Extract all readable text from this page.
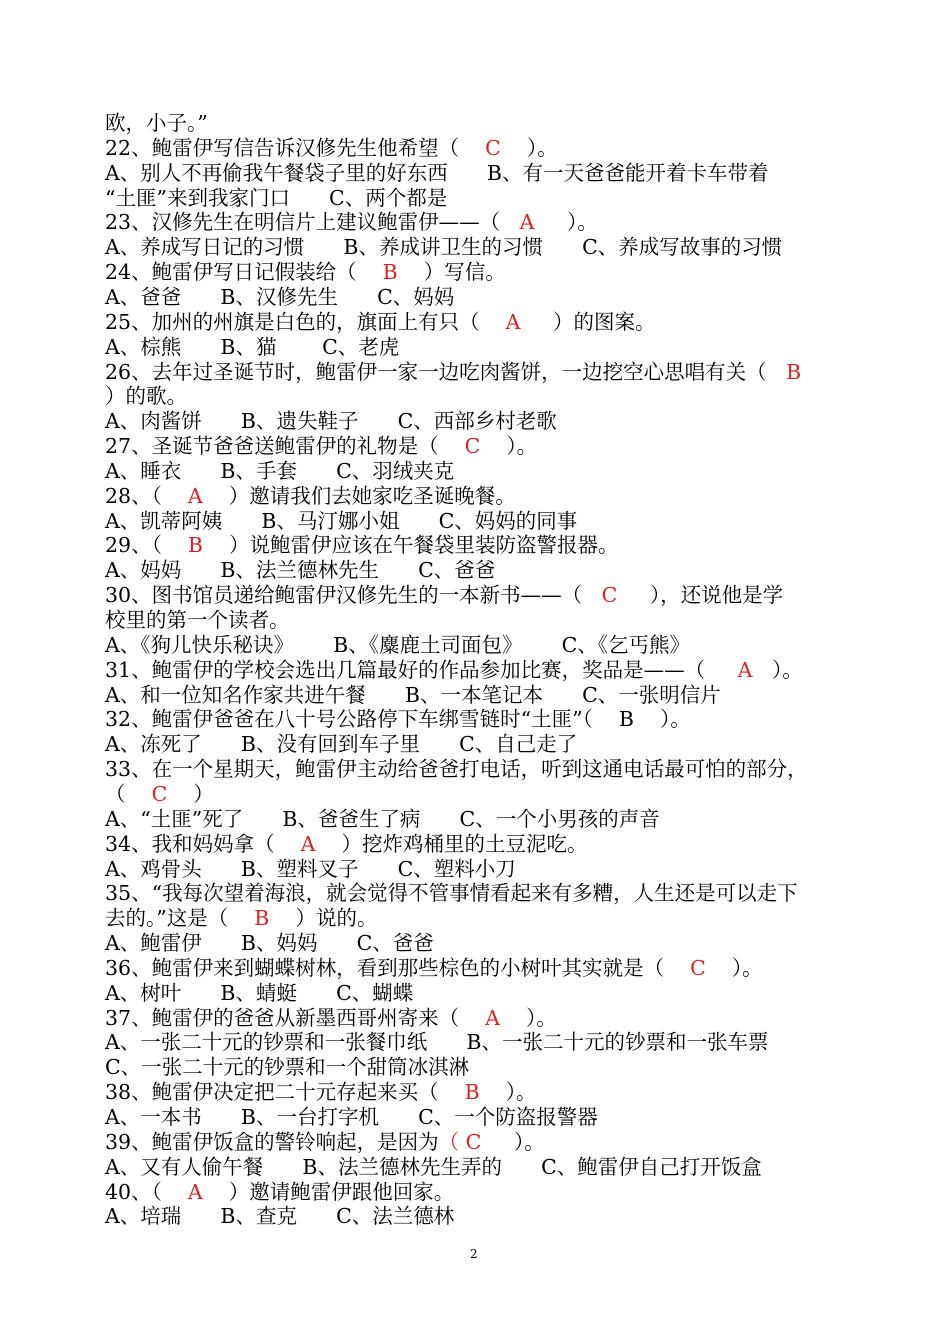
欧，小子。”
22、鲍雷伊写信告诉汉修先生他希望（    C    ）。
A、别人不再偷我午餐袋子里的好东西      B、有一天爸爸能开着卡车带着
“土匪”来到我家门口      C、两个都是
23、汉修先生在明信片上建议鲍雷伊——（   A     ）。
A、养成写日记的习惯      B、养成讲卫生的习惯      C、养成写故事的习惯
24、鲍雷伊写日记假装给（    B    ）写信。
A、爸爸      B、汉修先生      C、妈妈
25、加州的州旗是白色的，旗面上有只（    A     ）的图案。
A、棕熊      B、猫       C、老虎
26、去年过圣诞节时，鲍雷伊一家一边吃肉酱饼，一边挖空心思唱有关（   B
）的歌。
A、肉酱饼      B、遗失鞋子      C、西部乡村老歌
27、圣诞节爸爸送鲍雷伊的礼物是（    C    ）。
A、睡衣      B、手套      C、羽绒夹克
28、（    A    ）邀请我们去她家吃圣诞晚餐。
A、凯蒂阿姨      B、马汀娜小姐      C、妈妈的同事
29、（    B    ）说鲍雷伊应该在午餐袋里装防盗警报器。
A、妈妈      B、法兰德林先生      C、爸爸
30、图书馆员递给鲍雷伊汉修先生的一本新书——（   C     ），还说他是学
校里的第一个读者。
A、《狗儿快乐秘诀》      B、《麋鹿土司面包》      C、《乞丐熊》
31、鲍雷伊的学校会选出几篇最好的作品参加比赛，奖品是——（     A   ）。
A、和一位知名作家共进午餐      B、一本笔记本      C、一张明信片
32、鲍雷伊爸爸在八十号公路停下车绑雪链时“土匪”（    B    ）。
A、冻死了      B、没有回到车子里      C、自己走了
33、在一个星期天，鲍雷伊主动给爸爸打电话，听到这通电话最可怕的部分，
（    C    ）
A、“土匪”死了      B、爸爸生了病      C、一个小男孩的声音
34、我和妈妈拿（    A    ）挖炸鸡桶里的土豆泥吃。
A、鸡骨头      B、塑料叉子      C、塑料小刀
35、“我每次望着海浪，就会觉得不管事情看起来有多糟，人生还是可以走下
去的。”这是（    B    ）说的。
A、鲍雷伊      B、妈妈      C、爸爸
36、鲍雷伊来到蝴蝶树林，看到那些棕色的小树叶其实就是（    C    ）。
A、树叶      B、蜻蜓      C、蝴蝶
37、鲍雷伊的爸爸从新墨西哥州寄来（    A    ）。
A、一张二十元的钞票和一张餐巾纸      B、一张二十元的钞票和一张车票
C、一张二十元的钞票和一个甜筒冰淇淋
38、鲍雷伊决定把二十元存起来买（    B    ）。
A、一本书      B、一台打字机      C、一个防盗报警器
39、鲍雷伊饭盒的警铃响起，是因为（ C     ）。
A、又有人偷午餐      B、法兰德林先生弄的      C、鲍雷伊自己打开饭盒
40、（    A    ）邀请鲍雷伊跟他回家。
A、培瑞      B、查克      C、法兰德林
2
